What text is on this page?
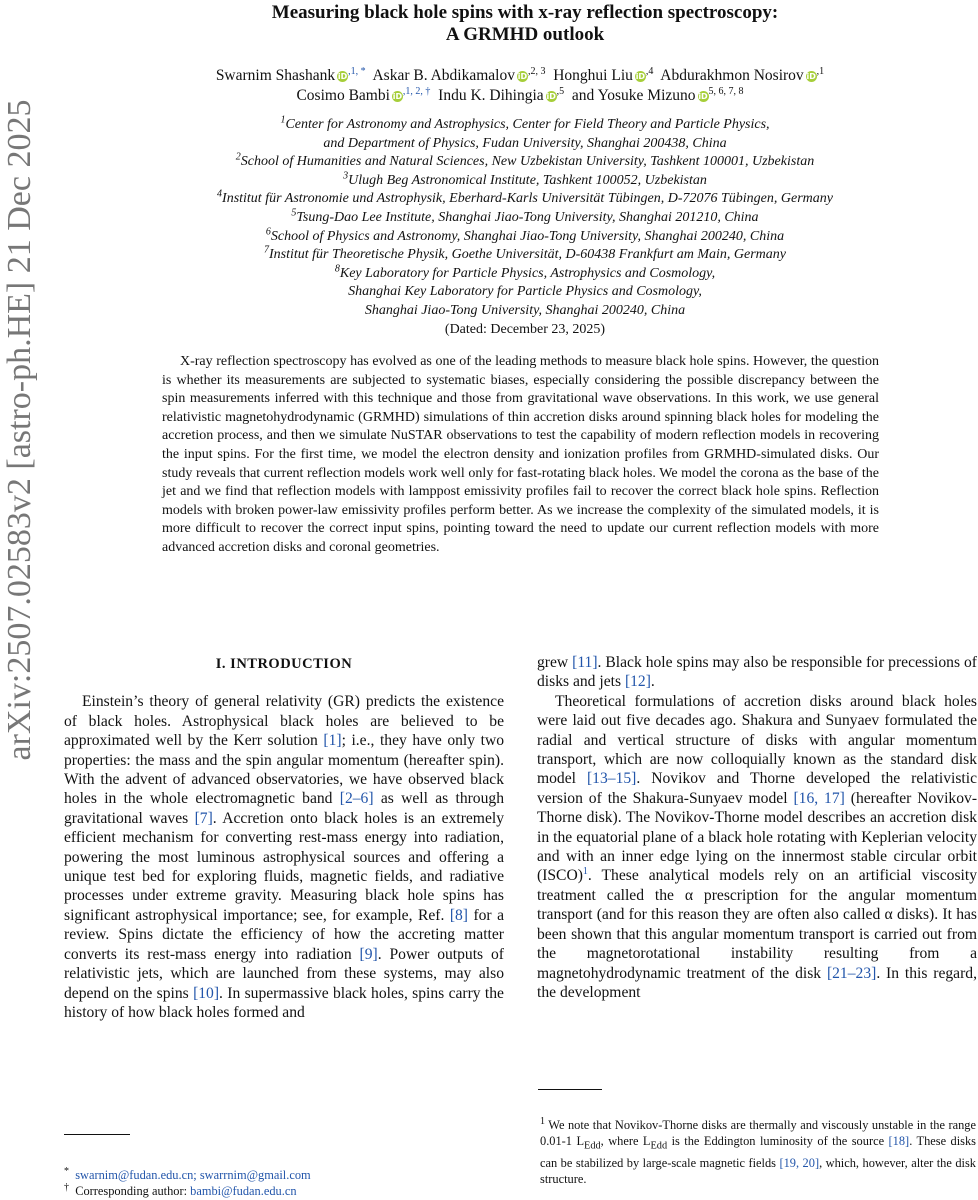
arXiv:2507.02583v2 [astro-ph.HE] 21 Dec 2025
Measuring black hole spins with x-ray reflection spectroscopy:
A GRMHD outlook
Swarnim Shashank $iD^{,1, *}$ Askar B. Abdikamalov $iD^{,2, 3}$ Honghui Liu $iD^{,4}$ Abdurakhmon Nosirov $iD^{,1}$
Cosimo Bambi $iD^{,1, 2, \dagger}$ Indu K. Dihingia $iD^{,5}$ and Yosuke Mizuno iD$^{5, 6, 7, 8}$
$^1$Center for Astronomy and Astrophysics, Center for Field Theory and Particle Physics,
and Department of Physics, Fudan University, Shanghai 200438, China
$^2$School of Humanities and Natural Sciences, New Uzbekistan University, Tashkent 100001, Uzbekistan
$^3$Ulugh Beg Astronomical Institute, Tashkent 100052, Uzbekistan
$^4$Institut für Astronomie und Astrophysik, Eberhard-Karls Universität Tübingen, D-72076 Tübingen, Germany
$^5$Tsung-Dao Lee Institute, Shanghai Jiao-Tong University, Shanghai 201210, China
$^6$School of Physics and Astronomy, Shanghai Jiao-Tong University, Shanghai 200240, China
$^7$Institut für Theoretische Physik, Goethe Universität, D-60438 Frankfurt am Main, Germany
$^8$Key Laboratory for Particle Physics, Astrophysics and Cosmology,
Shanghai Key Laboratory for Particle Physics and Cosmology,
Shanghai Jiao-Tong University, Shanghai 200240, China
(Dated: December 23, 2025)
X-ray reflection spectroscopy has evolved as one of the leading methods to measure black hole spins. However, the question is whether its measurements are subjected to systematic biases, especially considering the possible discrepancy between the spin measurements inferred with this technique and those from gravitational wave observations. In this work, we use general relativistic magnetohydrodynamic (GRMHD) simulations of thin accretion disks around spinning black holes for modeling the accretion process, and then we simulate NuSTAR observations to test the capability of modern reflection models in recovering the input spins. For the first time, we model the electron density and ionization profiles from GRMHD-simulated disks. Our study reveals that current reflection models work well only for fast-rotating black holes. We model the corona as the base of the jet and we find that reflection models with lamppost emissivity profiles fail to recover the correct black hole spins. Reflection models with broken power-law emissivity profiles perform better. As we increase the complexity of the simulated models, it is more difficult to recover the correct input spins, pointing toward the need to update our current reflection models with more advanced accretion disks and coronal geometries.
I. INTRODUCTION

Einstein’s theory of general relativity (GR) predicts the existence of black holes. Astrophysical black holes are believed to be approximated well by the Kerr solution [1]; i.e., they have only two properties: the mass and the spin angular momentum (hereafter spin). With the advent of advanced observatories, we have observed black holes in the whole electromagnetic band [2–6] as well as through gravitational waves [7]. Accretion onto black holes is an extremely efficient mechanism for converting rest-mass energy into radiation, powering the most luminous astrophysical sources and offering a unique test bed for exploring fluids, magnetic fields, and radiative processes under extreme gravity. Measuring black hole spins has significant astrophysical importance; see, for example, Ref. [8] for a review. Spins dictate the efficiency of how the accreting matter converts its rest-mass energy into radiation [9]. Power outputs of relativistic jets, which are launched from these systems, may also depend on the spins [10]. In supermassive black holes, spins carry the history of how black holes formed and

grew [11]. Black hole spins may also be responsible for precessions of disks and jets [12].

Theoretical formulations of accretion disks around black holes were laid out five decades ago. Shakura and Sunyaev formulated the radial and vertical structure of disks with angular momentum transport, which are now colloquially known as the standard disk model [13–15]. Novikov and Thorne developed the relativistic version of the Shakura-Sunyaev model [16, 17] (hereafter Novikov-Thorne disk). The Novikov-Thorne model describes an accretion disk in the equatorial plane of a black hole rotating with Keplerian velocity and with an inner edge lying on the innermost stable circular orbit (ISCO)$^1$. These analytical models rely on an artificial viscosity treatment called the α prescription for the angular momentum transport (and for this reason they are often also called α disks). It has been shown that this angular momentum transport is carried out from the magnetorotational instability resulting from a magnetohydrodynamic treatment of the disk [21–23]. In this regard, the development

$^1$ We note that Novikov-Thorne disks are thermally and viscously unstable in the range 0.01-1 $L_{Edd}$, where $L_{Edd}$ is the Eddington luminosity of the source [18]. These disks can be stabilized by large-scale magnetic fields [19, 20], which, however, alter the disk structure.
* swarnim@fudan.edu.cn; swarrnim@gmail.com
† Corresponding author: bambi@fudan.edu.cn
